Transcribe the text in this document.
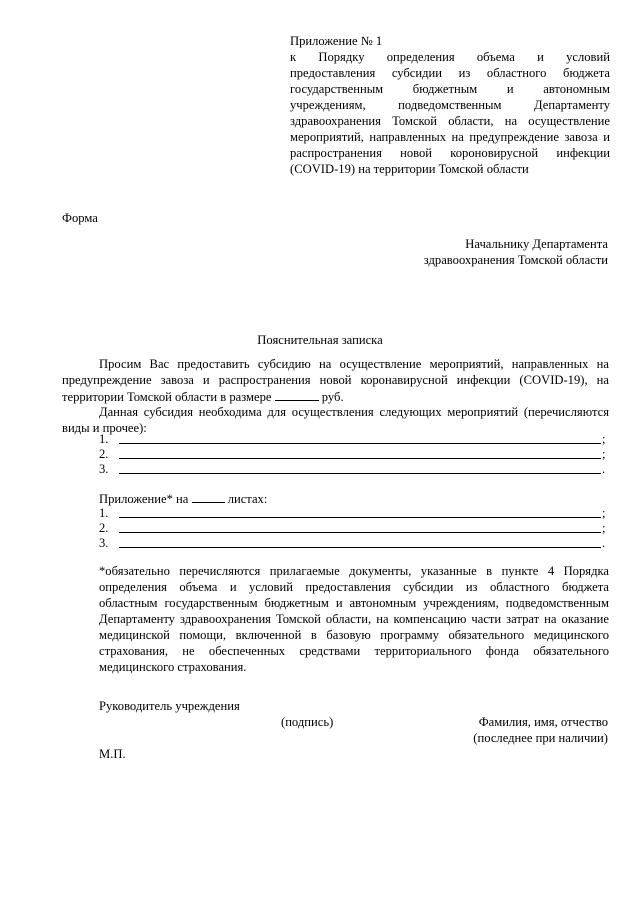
Приложение № 1
к Порядку определения объема и условий
предоставления субсидии из областного бюджета
государственным бюджетным и автономным
учреждениям, подведомственным Департаменту
здравоохранения Томской области, на осуществление
мероприятий, направленных на предупреждение завоза и
распространения новой короновирусной инфекции
(COVID-19) на территории Томской области
Форма
Начальнику Департамента
здравоохранения Томской области
Пояснительная записка
Просим Вас предоставить субсидию на осуществление мероприятий, направленных на
предупреждение завоза и распространения новой коронавирусной инфекции (COVID-19), на
территории Томской области в размере	руб.
Данная субсидия необходима для осуществления следующих мероприятий (перечисляются
виды и прочее):
1.	;
2.	;
3.	.
Приложение* на	листах:
1.	;
2.	;
3.	.
*обязательно перечисляются прилагаемые документы, указанные в пункте 4 Порядка
определения объема и условий предоставления субсидии из областного бюджета
областным государственным бюджетным и автономным учреждениям, подведомственным
Департаменту здравоохранения Томской области, на компенсацию части затрат на оказание
медицинской помощи, включенной в базовую программу обязательного медицинского
страхования, не обеспеченных средствами территориального фонда обязательного
медицинского страхования.
Руководитель учреждения
(подпись)	Фамилия, имя, отчество
(последнее при наличии)
М.П.
